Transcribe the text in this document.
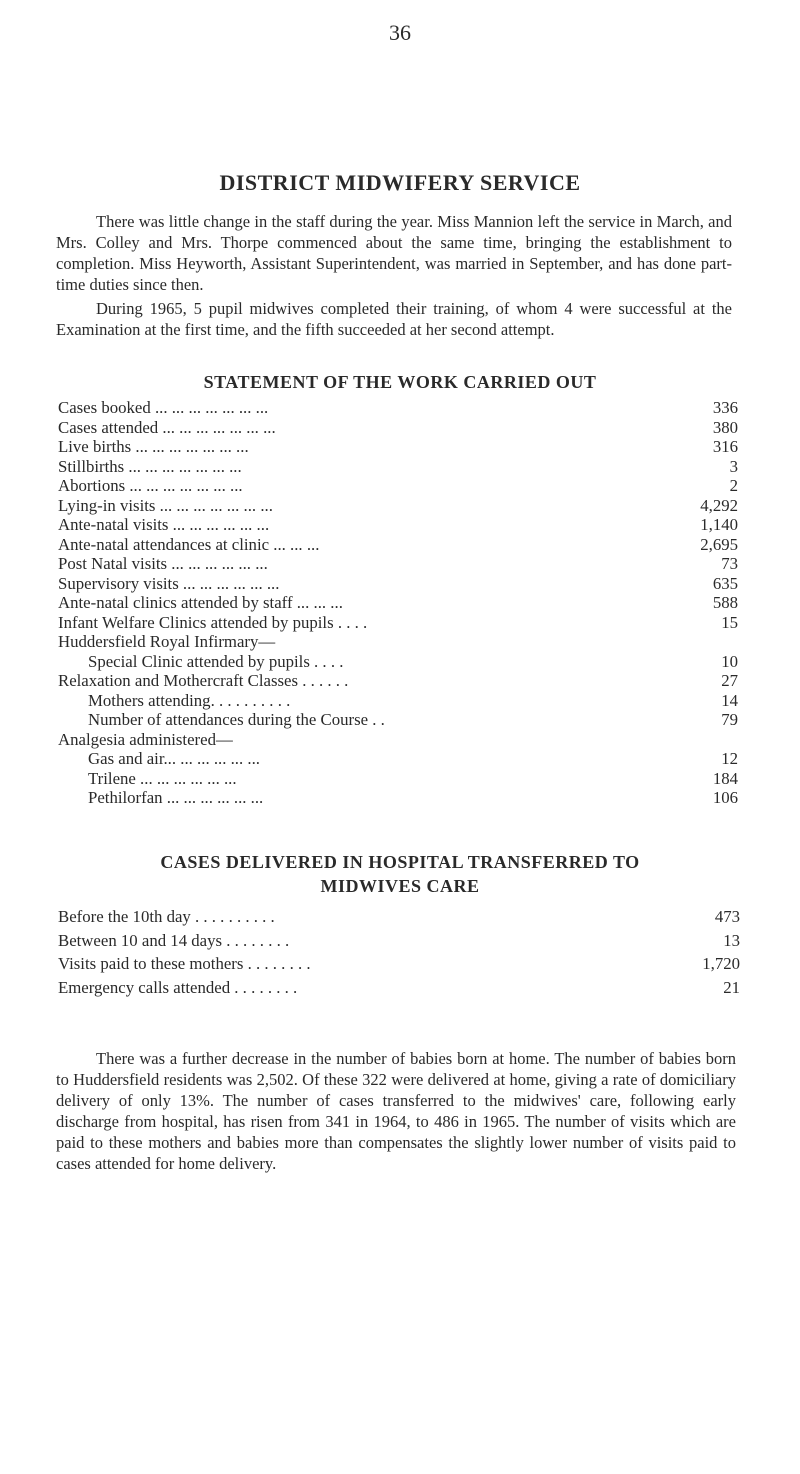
36
DISTRICT MIDWIFERY SERVICE

There was little change in the staff during the year. Miss Mannion left the service in March, and Mrs. Colley and Mrs. Thorpe commenced about the same time, bringing the establishment to completion. Miss Heyworth, Assistant Superintendent, was married in September, and has done part-time duties since then.

During 1965, 5 pupil midwives completed their training, of whom 4 were successful at the Examination at the first time, and the fifth succeeded at her second attempt.

STATEMENT OF THE WORK CARRIED OUT
Cases booked ... ... ... ... ... ... ...	336
Cases attended ... ... ... ... ... ... ...	380
Live births ... ... ... ... ... ... ...	316
Stillbirths ... ... ... ... ... ... ...	3
Abortions ... ... ... ... ... ... ...	2
Lying-in visits ... ... ... ... ... ... ...	4,292
Ante-natal visits ... ... ... ... ... ...	1,140
Ante-natal attendances at clinic ... ... ...	2,695
Post Natal visits ... ... ... ... ... ...	73
Supervisory visits ... ... ... ... ... ...	635
Ante-natal clinics attended by staff ... ... ...	588
Infant Welfare Clinics attended by pupils . . . .	15
Huddersfield Royal Infirmary—
Special Clinic attended by pupils . . . .	10
Relaxation and Mothercraft Classes . . . . . .	27
Mothers attending. . . . . . . . . .	14
Number of attendances during the Course . .	79
Analgesia administered—
Gas and air... ... ... ... ... ...	12
Trilene ... ... ... ... ... ...	184
Pethilorfan ... ... ... ... ... ...	106
CASES DELIVERED IN HOSPITAL TRANSFERRED TO
MIDWIVES CARE
Before the 10th day . . . . . . . . . .	473
Between 10 and 14 days . . . . . . . .	13
Visits paid to these mothers . . . . . . . .	1,720
Emergency calls attended . . . . . . . .	21

There was a further decrease in the number of babies born at home. The number of babies born to Huddersfield residents was 2,502. Of these 322 were delivered at home, giving a rate of domiciliary delivery of only 13%. The number of cases transferred to the midwives' care, following early discharge from hospital, has risen from 341 in 1964, to 486 in 1965. The number of visits which are paid to these mothers and babies more than compensates the slightly lower number of visits paid to cases attended for home delivery.
